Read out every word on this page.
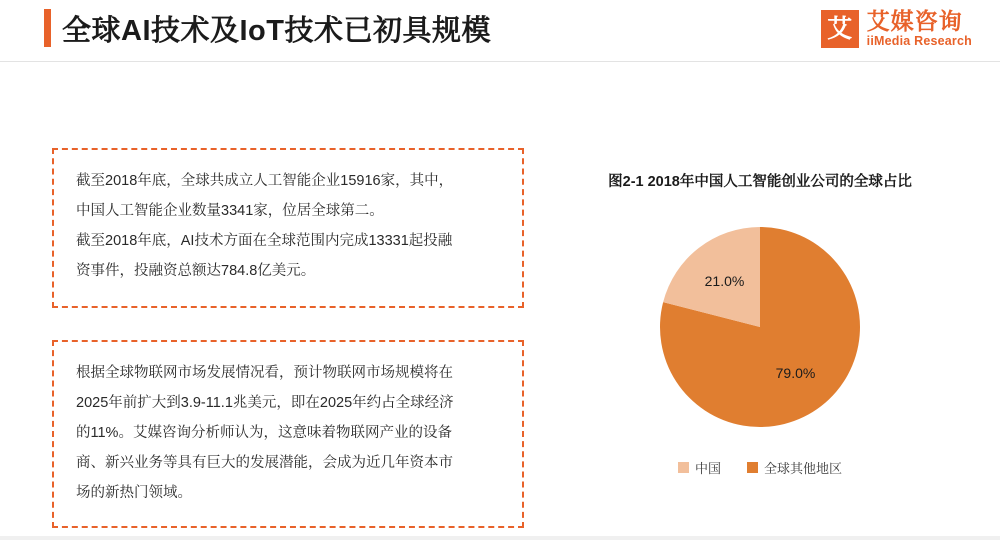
全球AI技术及IoT技术已初具规模	艾 艾媒咨询
iiMedia Research

截至2018年底，全球共成立人工智能企业15916家，其中，

中国人工智能企业数量3341家，位居全球第二。

截至2018年底，AI技术方面在全球范围内完成13331起投融

资事件，投融资总额达784.8亿美元。

根据全球物联网市场发展情况看，预计物联网市场规模将在

2025年前扩大到3.9-11.1兆美元，即在2025年约占全球经济

的11%。艾媒咨询分析师认为，这意味着物联网产业的设备

商、新兴业务等具有巨大的发展潜能，会成为近几年资本市

场的新热门领域。

图2-1 2018年中国人工智能创业公司的全球占比
21.0%
79.0%
中国	全球其他地区
